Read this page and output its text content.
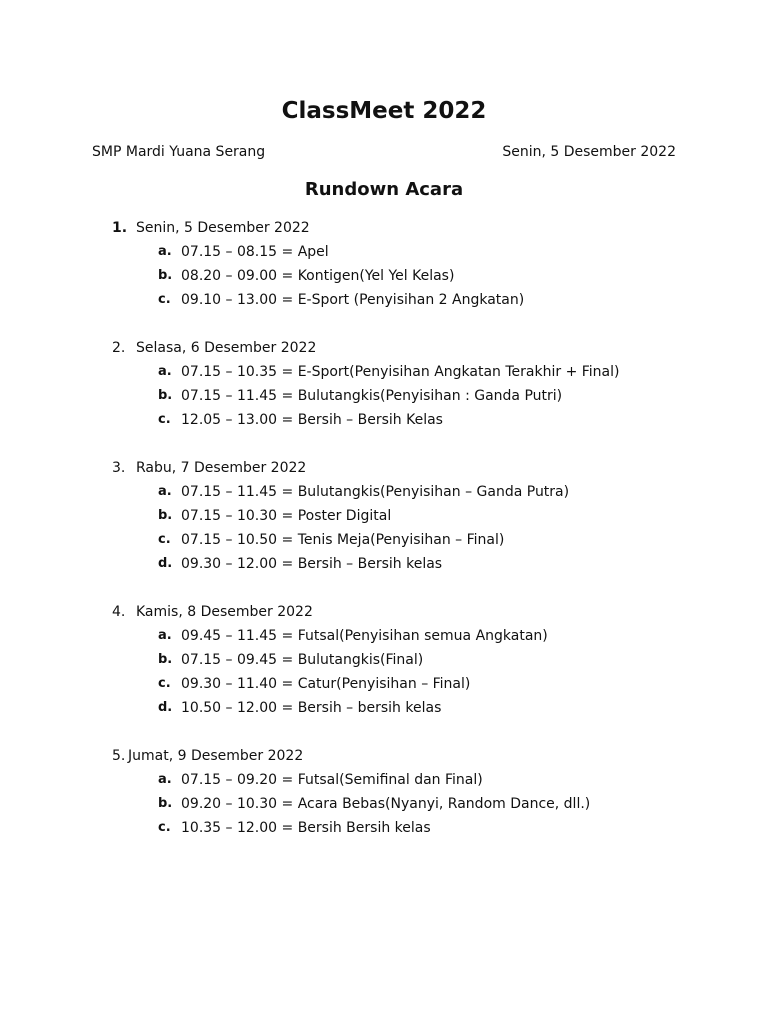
ClassMeet 2022
SMP Mardi Yuana Serang	Senin, 5 Desember 2022
Rundown Acara
1. Senin, 5 Desember 2022
a. 07.15 – 08.15 = Apel
b. 08.20 – 09.00 = Kontigen(Yel Yel Kelas)
c. 09.10 – 13.00 = E-Sport (Penyisihan 2 Angkatan)
2. Selasa, 6 Desember 2022
a. 07.15 – 10.35 = E-Sport(Penyisihan Angkatan Terakhir + Final)
b. 07.15 – 11.45 = Bulutangkis(Penyisihan : Ganda Putri)
c. 12.05 – 13.00 = Bersih – Bersih Kelas
3. Rabu, 7 Desember 2022
a. 07.15 – 11.45 = Bulutangkis(Penyisihan – Ganda Putra)
b. 07.15 – 10.30 = Poster Digital
c. 07.15 – 10.50 = Tenis Meja(Penyisihan – Final)
d. 09.30 – 12.00 = Bersih – Bersih kelas
4. Kamis, 8 Desember 2022
a. 09.45 – 11.45 = Futsal(Penyisihan semua Angkatan)
b. 07.15 – 09.45 = Bulutangkis(Final)
c. 09.30 – 11.40 = Catur(Penyisihan – Final)
d. 10.50 – 12.00 = Bersih – bersih kelas
5. Jumat, 9 Desember 2022
a. 07.15 – 09.20 = Futsal(Semifinal dan Final)
b. 09.20 – 10.30 = Acara Bebas(Nyanyi, Random Dance, dll.)
c. 10.35 – 12.00 = Bersih Bersih kelas
